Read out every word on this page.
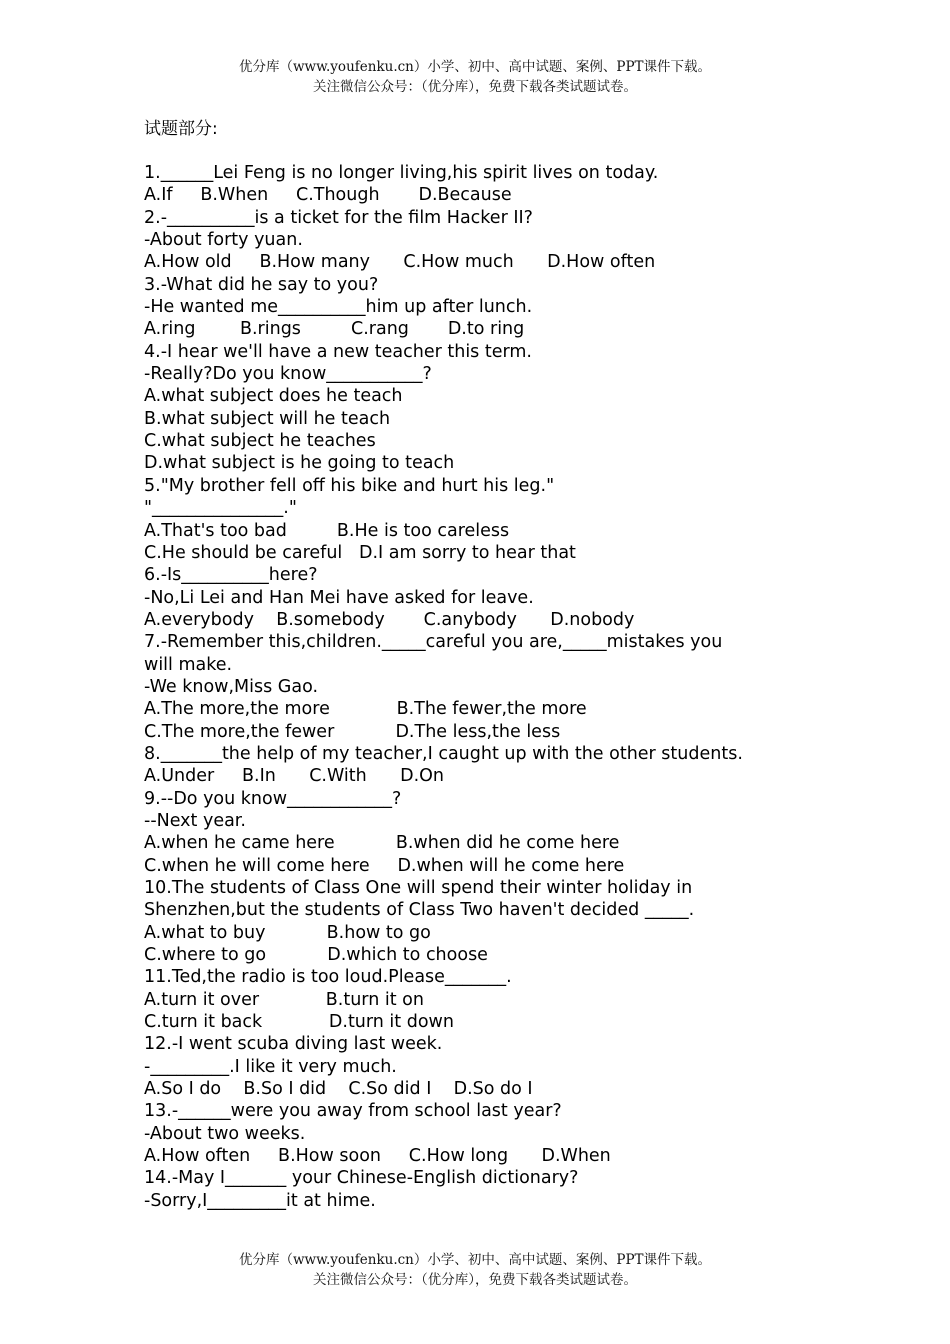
优分库（www.youfenku.cn）小学、初中、高中试题、案例、PPT课件下载。
关注微信公众号：（优分库），免费下载各类试题试卷。
试题部分:
1.______Lei Feng is no longer living,his spirit lives on today.
A.If     B.When     C.Though       D.Because
2.-__________is a ticket for the film Hacker II?
-About forty yuan.
A.How old     B.How many      C.How much      D.How often
3.-What did he say to you?
-He wanted me__________him up after lunch.
A.ring        B.rings         C.rang       D.to ring
4.-I hear we'll have a new teacher this term.
-Really?Do you know___________?
A.what subject does he teach
B.what subject will he teach
C.what subject he teaches
D.what subject is he going to teach
5."My brother fell off his bike and hurt his leg."
"_______________."
A.That's too bad         B.He is too careless
C.He should be careful   D.I am sorry to hear that
6.-Is__________here?
-No,Li Lei and Han Mei have asked for leave.
A.everybody    B.somebody       C.anybody      D.nobody
7.-Remember this,children._____careful you are,_____mistakes you
will make.
-We know,Miss Gao.
A.The more,the more            B.The fewer,the more
C.The more,the fewer           D.The less,the less
8._______the help of my teacher,I caught up with the other students.
A.Under     B.In      C.With      D.On
9.--Do you know____________?
--Next year.
A.when he came here           B.when did he come here
C.when he will come here     D.when will he come here
10.The students of Class One will spend their winter holiday in
Shenzhen,but the students of Class Two haven't decided _____.
A.what to buy           B.how to go
C.where to go           D.which to choose
11.Ted,the radio is too loud.Please_______.
A.turn it over            B.turn it on
C.turn it back            D.turn it down
12.-I went scuba diving last week.
-_________.I like it very much.
A.So I do    B.So I did    C.So did I    D.So do I
13.-______were you away from school last year?
-About two weeks.
A.How often     B.How soon     C.How long      D.When
14.-May I_______ your Chinese-English dictionary?
-Sorry,I_________it at hime.
优分库（www.youfenku.cn）小学、初中、高中试题、案例、PPT课件下载。
关注微信公众号：（优分库），免费下载各类试题试卷。
